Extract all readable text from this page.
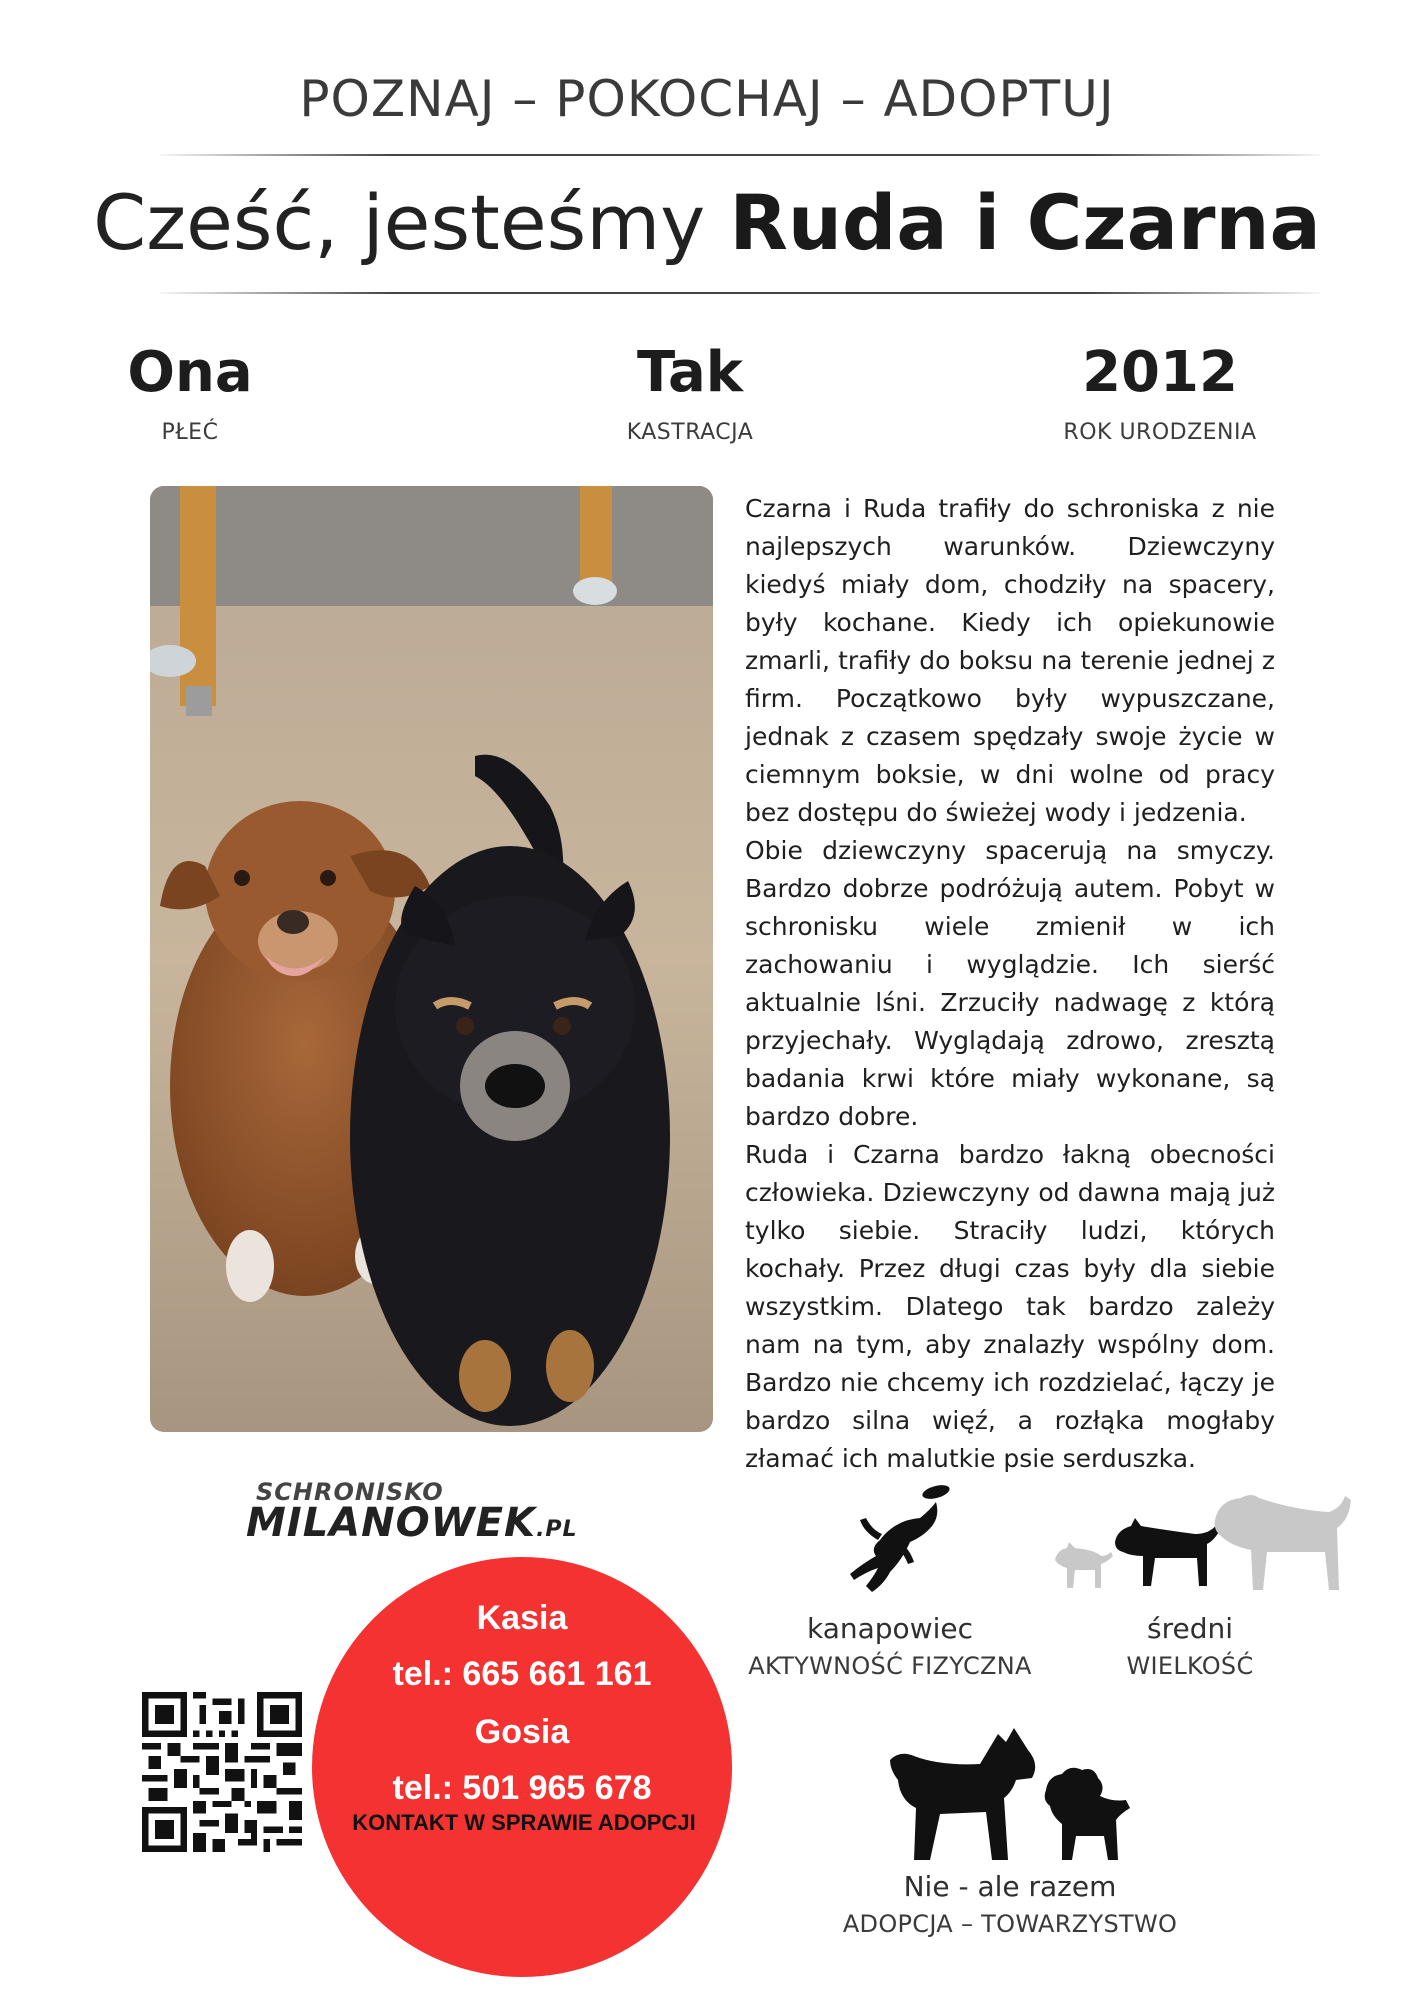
POZNAJ – POKOCHAJ – ADOPTUJ
Cześć, jesteśmy Ruda i Czarna
Ona
PŁEĆ
Tak
KASTRACJA
2012
ROK URODZENIA

Czarna i Ruda trafiły do schroniska z nie najlepszych warunków. Dziewczyny kiedyś miały dom, chodziły na spacery, były kochane. Kiedy ich opiekunowie zmarli, trafiły do boksu na terenie jednej z firm. Początkowo były wypuszczane, jednak z czasem spędzały swoje życie w ciemnym boksie, w dni wolne od pracy bez dostępu do świeżej wody i jedzenia.

Obie dziewczyny spacerują na smyczy. Bardzo dobrze podróżują autem. Pobyt w schronisku wiele zmienił w ich zachowaniu i wyglądzie. Ich sierść aktualnie lśni. Zrzuciły nadwagę z którą przyjechały. Wyglądają zdrowo, zresztą badania krwi które miały wykonane, są bardzo dobre.

Ruda i Czarna bardzo łakną obecności człowieka. Dziewczyny od dawna mają już tylko siebie. Straciły ludzi, których kochały. Przez długi czas były dla siebie wszystkim. Dlatego tak bardzo zależy nam na tym, aby znalazły wspólny dom. Bardzo nie chcemy ich rozdzielać, łączy je bardzo silna więź, a rozłąka mogłaby złamać ich malutkie psie serduszka.

SCHRONISKO
MILANOWEK.PL
Kasia
tel.: 665 661 161
Gosia
tel.: 501 965 678
KONTAKT W SPRAWIE ADOPCJI
kanapowiec
AKTYWNOŚĆ FIZYCZNA
średni
WIELKOŚĆ
Nie - ale razem
ADOPCJA – TOWARZYSTWO
